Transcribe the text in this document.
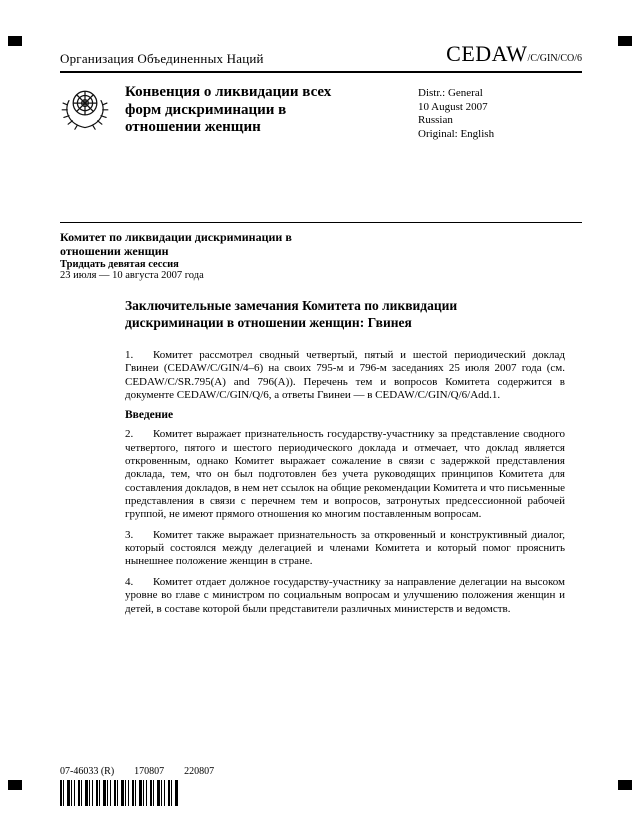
Организация Объединенных Наций	CEDAW/C/GIN/CO/6
Конвенция о ликвидации всех форм дискриминации в отношении женщин
Distr.: General
10 August 2007
Russian
Original: English
Комитет по ликвидации дискриминации в отношении женщин
Тридцать девятая сессия
23 июля — 10 августа 2007 года
Заключительные замечания Комитета по ликвидации дискриминации в отношении женщин: Гвинея

1. Комитет рассмотрел сводный четвертый, пятый и шестой периодический доклад Гвинеи (CEDAW/C/GIN/4–6) на своих 795-м и 796-м заседаниях 25 июля 2007 года (см. CEDAW/C/SR.795(A) and 796(A)). Перечень тем и вопросов Комитета содержится в документе CEDAW/C/GIN/Q/6, а ответы Гвинеи — в CEDAW/C/GIN/Q/6/Add.1.

Введение

2. Комитет выражает признательность государству-участнику за представление сводного четвертого, пятого и шестого периодического доклада и отмечает, что доклад является откровенным, однако Комитет выражает сожаление в связи с задержкой представления доклада, тем, что он был подготовлен без учета руководящих принципов Комитета для составления докладов, в нем нет ссылок на общие рекомендации Комитета и что письменные представления в связи с перечнем тем и вопросов, затронутых предсессионной рабочей группой, не имеют прямого отношения ко многим поставленным вопросам.

3. Комитет также выражает признательность за откровенный и конструктивный диалог, который состоялся между делегацией и членами Комитета и который помог прояснить нынешнее положение женщин в стране.

4. Комитет отдает должное государству-участнику за направление делегации на высоком уровне во главе с министром по социальным вопросам и улучшению положения женщин и детей, в составе которой были представители различных министерств и ведомств.

07-46033 (R) 170807 220807
